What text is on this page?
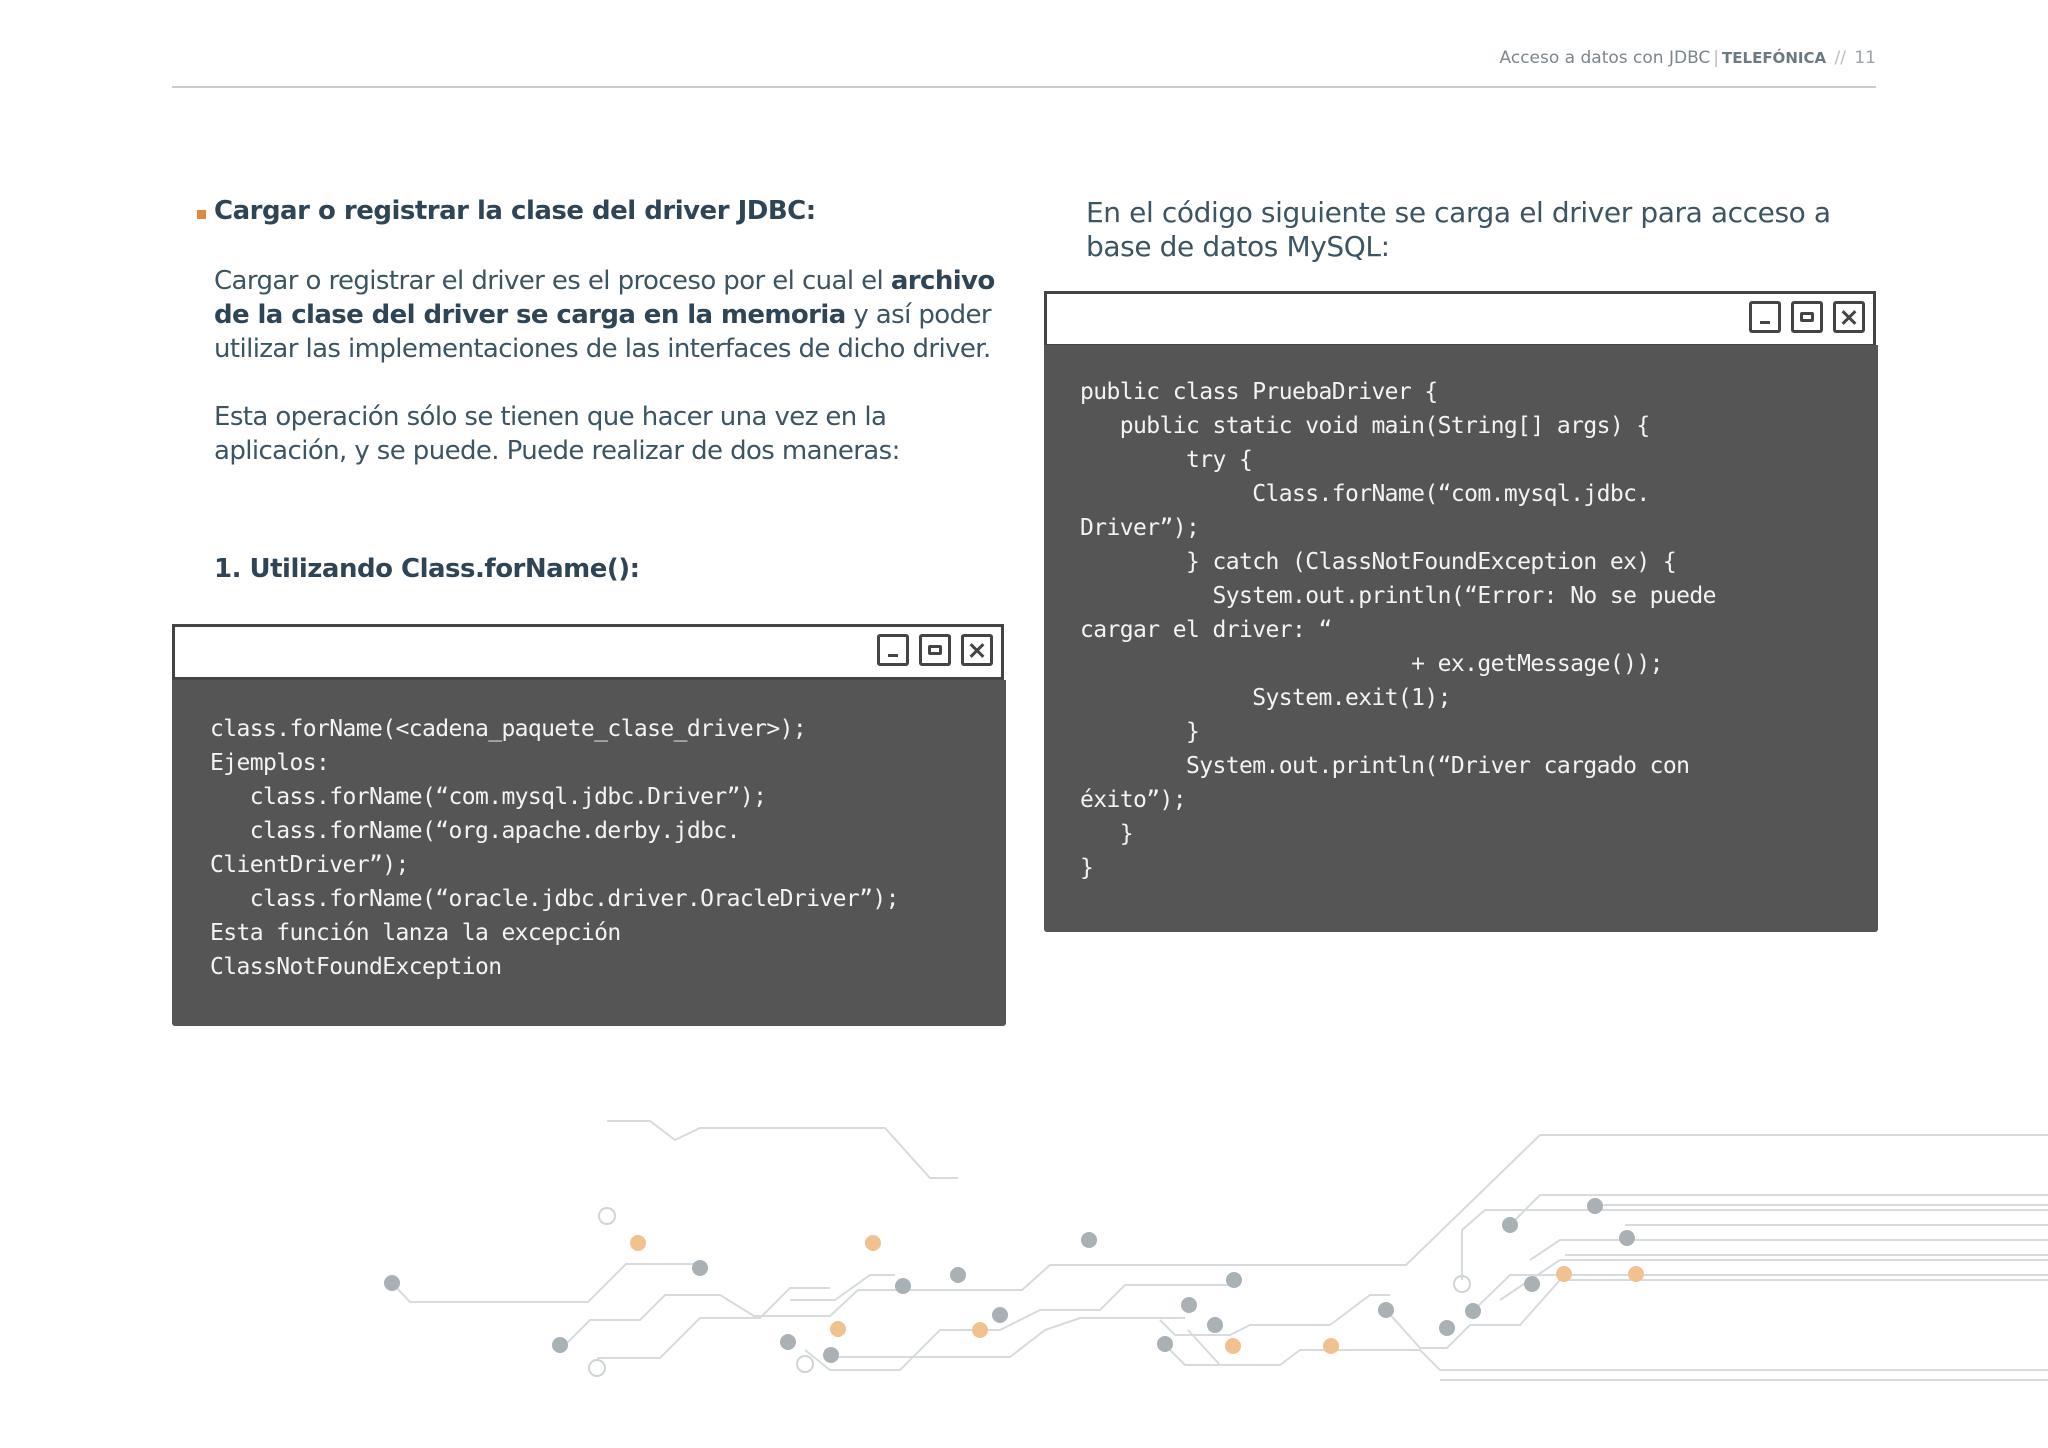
Acceso a datos con JDBC | TELEFÓNICA // 11
Cargar o registrar la clase del driver JDBC:

Cargar o registrar el driver es el proceso por el cual el archivo de la clase del driver se carga en la memoria y así poder utilizar las implementaciones de las interfaces de dicho driver.

Esta operación sólo se tienen que hacer una vez en la aplicación, y se puede. Puede realizar de dos maneras:

1. Utilizando Class.forName():
class.forName(<cadena_paquete_clase_driver>);
Ejemplos:
class.forName(“com.mysql.jdbc.Driver”);
class.forName(“org.apache.derby.jdbc.
ClientDriver”);
class.forName(“oracle.jdbc.driver.OracleDriver”);
Esta función lanza la excepción
ClassNotFoundException

En el código siguiente se carga el driver para acceso a base de datos MySQL:

public class PruebaDriver {
public static void main(String[] args) {
try {
Class.forName(“com.mysql.jdbc.
Driver”);
} catch (ClassNotFoundException ex) {
System.out.println(“Error: No se puede
cargar el driver: “
+ ex.getMessage());
System.exit(1);
}
System.out.println(“Driver cargado con
éxito”);
}
}
